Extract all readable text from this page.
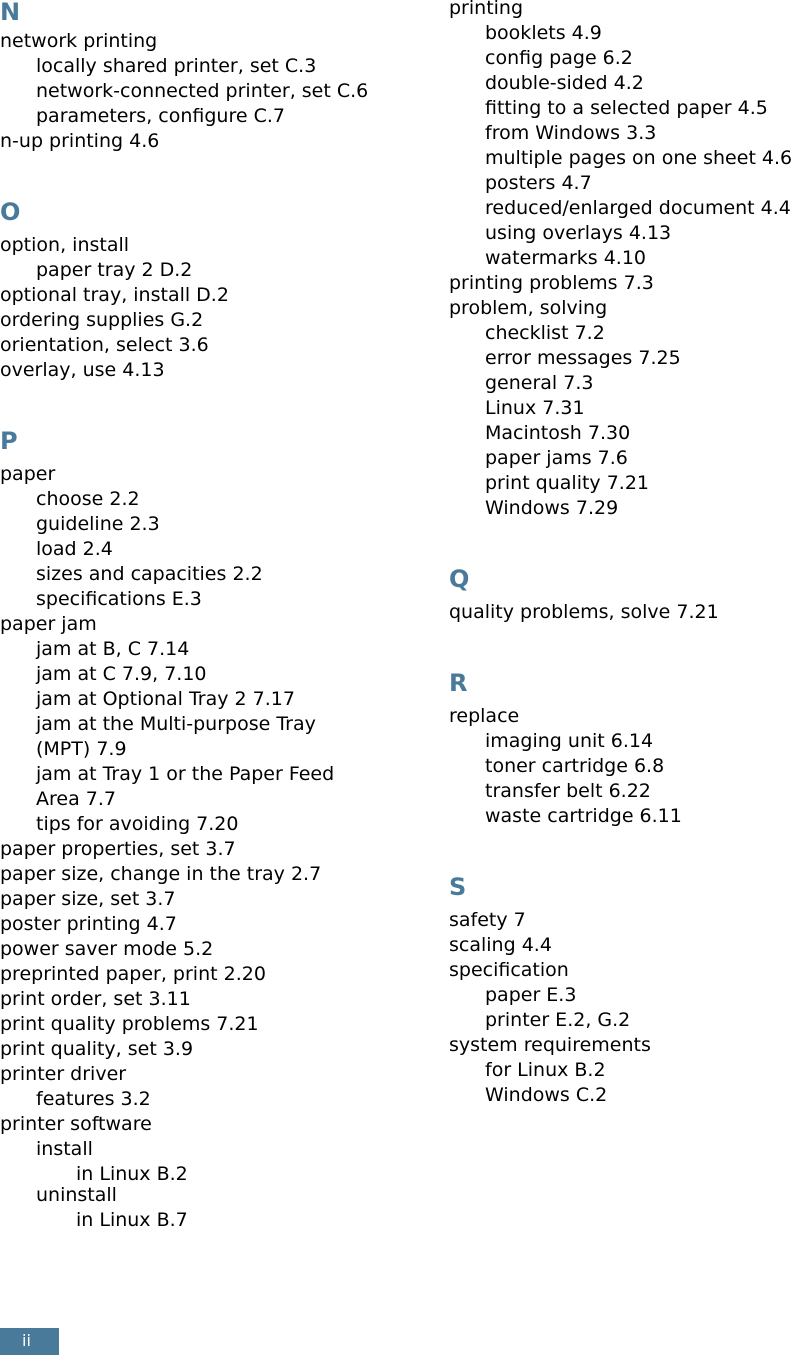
N
network printing
locally shared printer, set C.3
network-connected printer, set C.6
parameters, configure C.7
n-up printing 4.6
O
option, install
paper tray 2 D.2
optional tray, install D.2
ordering supplies G.2
orientation, select 3.6
overlay, use 4.13
P
paper
choose 2.2
guideline 2.3
load 2.4
sizes and capacities 2.2
specifications E.3
paper jam
jam at B, C 7.14
jam at C 7.9, 7.10
jam at Optional Tray 2 7.17
jam at the Multi-purpose Tray
(MPT) 7.9
jam at Tray 1 or the Paper Feed
Area 7.7
tips for avoiding 7.20
paper properties, set 3.7
paper size, change in the tray 2.7
paper size, set 3.7
poster printing 4.7
power saver mode 5.2
preprinted paper, print 2.20
print order, set 3.11
print quality problems 7.21
print quality, set 3.9
printer driver
features 3.2
printer software
install
in Linux B.2
uninstall
in Linux B.7
printing
booklets 4.9
config page 6.2
double-sided 4.2
fitting to a selected paper 4.5
from Windows 3.3
multiple pages on one sheet 4.6
posters 4.7
reduced/enlarged document 4.4
using overlays 4.13
watermarks 4.10
printing problems 7.3
problem, solving
checklist 7.2
error messages 7.25
general 7.3
Linux 7.31
Macintosh 7.30
paper jams 7.6
print quality 7.21
Windows 7.29
Q
quality problems, solve 7.21
R
replace
imaging unit 6.14
toner cartridge 6.8
transfer belt 6.22
waste cartridge 6.11
S
safety 7
scaling 4.4
specification
paper E.3
printer E.2, G.2
system requirements
for Linux B.2
Windows C.2
ii
